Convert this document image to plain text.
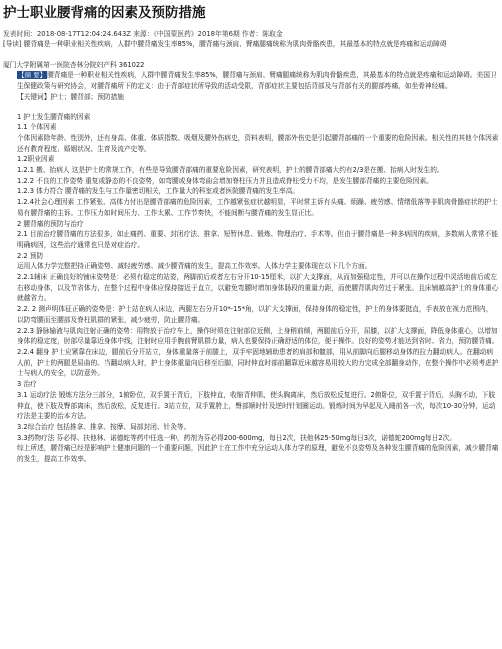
护士职业腰背痛的因素及预防措施
发表时间：2018-08-17T12:04:24.643Z 来源：《中国蒙医药》2018年第6期 作者：陈取金

[导读] 腰背痛是一种职业相关性疾病，人群中腰背痛发生率85%，腰背痛与颈肩、臂痛腿痛统称为肌肉骨骼疾患，其最基本的特点就是疼痛和运动障碍

厦门大学附属第一医院杏林分院妇产科 361022

【摘 要】腰背痛是一种职业相关性疾病，人群中腰背痛发生率85%，腰背痛与颈肩、臂痛腿痛统称为肌肉骨骼疾患，其最基本的特点就是疼痛和运动障碍。美国卫生保健政策与研究协会，对腰背痛所下的定义：由于背部症状所导致的活动受限，背部症状主要包括背部及与背部有关的腿部疼痛，如坐骨神经痛。

【关键词】护士；腰背部；预防措施

1 护士发生腰背痛的因素

1.1 个体因素

个体因素除年龄、性别外，还有身高、体重、体质指数、吸烟及腰外伤病史，资料表明，腰部外伤史是引起腰背部痛的一个重要的危险因素。相关性的其他个体因素还有教育程度、婚姻状况、生育及流产史等。

1.2职业因素

1.2.1 搬、抬病人 这是护士的常规工作，有些是导致腰背部痛的重要危险因素，研究表明，护士的腰背部痛大约有2/3是在搬、抬病人时发生的。

1.2.2 不良的工作姿势 重复或静态的不良姿势，如弯腰或身体弯曲会增加脊柱压力并且造成脊柱受力不均，是发生腰部背痛的主要危险因素。

1.2.3 体力符合 腰背痛的发生与工作量密切相关，工作量大的科室或者医院腰背痛的发生率高。

1.2.4社会心理因素 工作紧张、高体力付出是腰背部痛的危险因素，工作越紧张症状越明显，平时常主诉有头痛、烦躁、疲劳感、情绪低落等非肌肉骨骼症状的护士易有腰背痛的主诉。工作压力如时间压力、工作太累、工作节奏快，不能间断与腰背痛的发生显正比。

2 腰背痛的预防与治疗

2.1 目前治疗腰背痛的方法很多，如止痛药、重要、封闭疗法、推拿、短暂休息、锻炼、物理治疗、手术等。但由于腰背痛是一种多病因的疾病，多数病人常常不能明确病因，这些治疗通常也只是对症治疗。

2.2 预防

运用人体力学完整把持正确姿势、减轻疲劳感、减少腰背痛的发生，提高工作效率。人体力学主要体现在以下几个方面。

2.2.1辅床 正确良好的铺床姿势是：必须有稳定的站姿，两脚前后或者左右分开10-15厘米，以扩大支撑面，从而加强稳定性，并可以在操作过程中灵活地前后或左右移动身体，以及节省体力，在整个过程中身体应保持接近于直立，以避免弯腰时增加身体肠段的重量力距，而使腰背肌肉劳过于紧张。且床铺越高护士的身体重心就越省力。

2.2. 2 测声明体征正确的姿势是：护士站在病人床边，两腿左右分开10*-15*角，以扩大支撑面，保持身体的稳定性，护士的身体要挺直，手表放在视力范围内，以防弯腰而至腰部及脊柱肌群的紧张，减少疲劳，防止腰背痛。

2.2.3 静脉输液与肌肉注射正确的姿势：用物放于治疗车上，操作时须在注射部位近侧，上身稍前倾，两腿前后分开，屈膝，以扩大支撑面，降低身体重心，以增加身体的稳定度，肘部尽量靠近身体中线，注射时应用手腕前臂肌群力量，病人也要保持正确舒适的体位，便于操作。良好的姿势才能达到省时、省力，预防腰背痛。

2.2.4 翻身 护士应紧靠在床边，腿前后分开站立，身体重量落于前腿上，双手牢固地辅助患者的肩部和髋部，用从前脚向后腿移动身体的拉力翻动病人。在翻动病人前，护士的两腿是屈曲的。当翻动病人时，护士身体重量向后移至后脚，同时伸直时部前翻靠近床越容易用较大的力完成全部翻身动作，在整个操作中必须考虑护士与病人的安全，以防意外。

3 治疗

3.1 运动疗法 锻炼方法分三部分，1俯卧位，双手置于背后，下肢伸直，收缩背伸肌，使头胸离床，然后放松反复进行。2俯卧位，双手置于背后，头胸不动，下肢伸直，使下肢及臀部离床，然后放松，反复进行。3站立位，双手置胯上，臀部顺时针及逆时针划圈运动。锻炼时间为早起及入睡前各一次，每次10-30分钟，运动疗法是主要的治本方法。

3.2综合治疗 包括推拿、推拿、按摩、局部封闭、针灸等。

3.3药物疗法 芬必得、扶他林、诺德蛇等药中任选一种，药剂为芬必得200-600mg，每日2次，扶他林25-50mg每日3次，诺德蛇200mg每日2次。

综上所述，腰背痛已经是影响护士健康问题的一个重要问题，因此护士在工作中充分运动人体力学的原理，避免不良姿势及各种发生腰背痛的危险因素，减少腰背痛的发生，提高工作效率。
